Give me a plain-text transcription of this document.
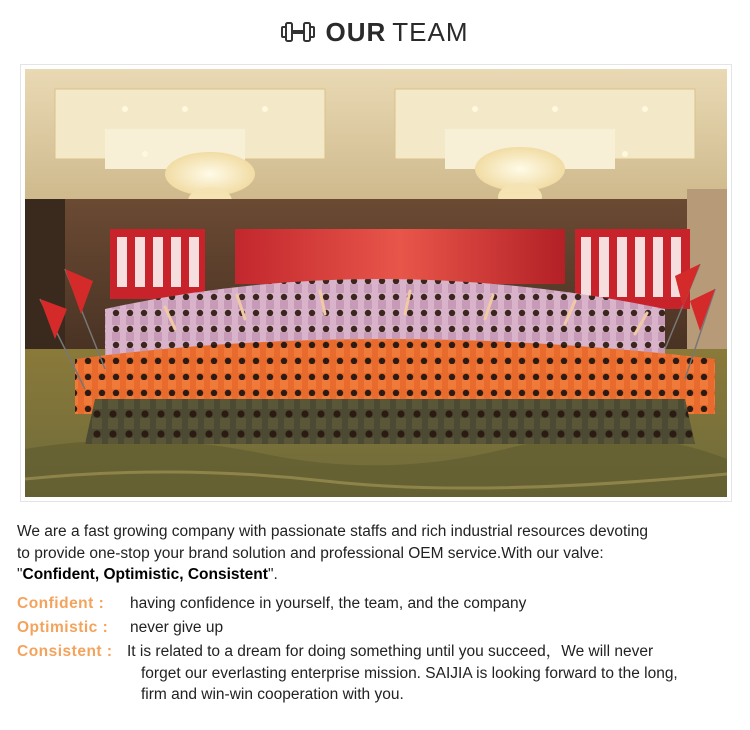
OUR TEAM
We are a fast growing company with passionate staffs and rich industrial resources devoting
to provide one-stop your brand solution and professional OEM service.With our valve:
"Confident, Optimistic, Consistent".
Confident :	having confidence in yourself, the team, and the company
Optimistic :	never give up
Consistent : It is related to a dream for doing something until you succeed，We will never
forget our everlasting enterprise mission. SAIJIA is looking forward to the long,
firm and win-win cooperation with you.
